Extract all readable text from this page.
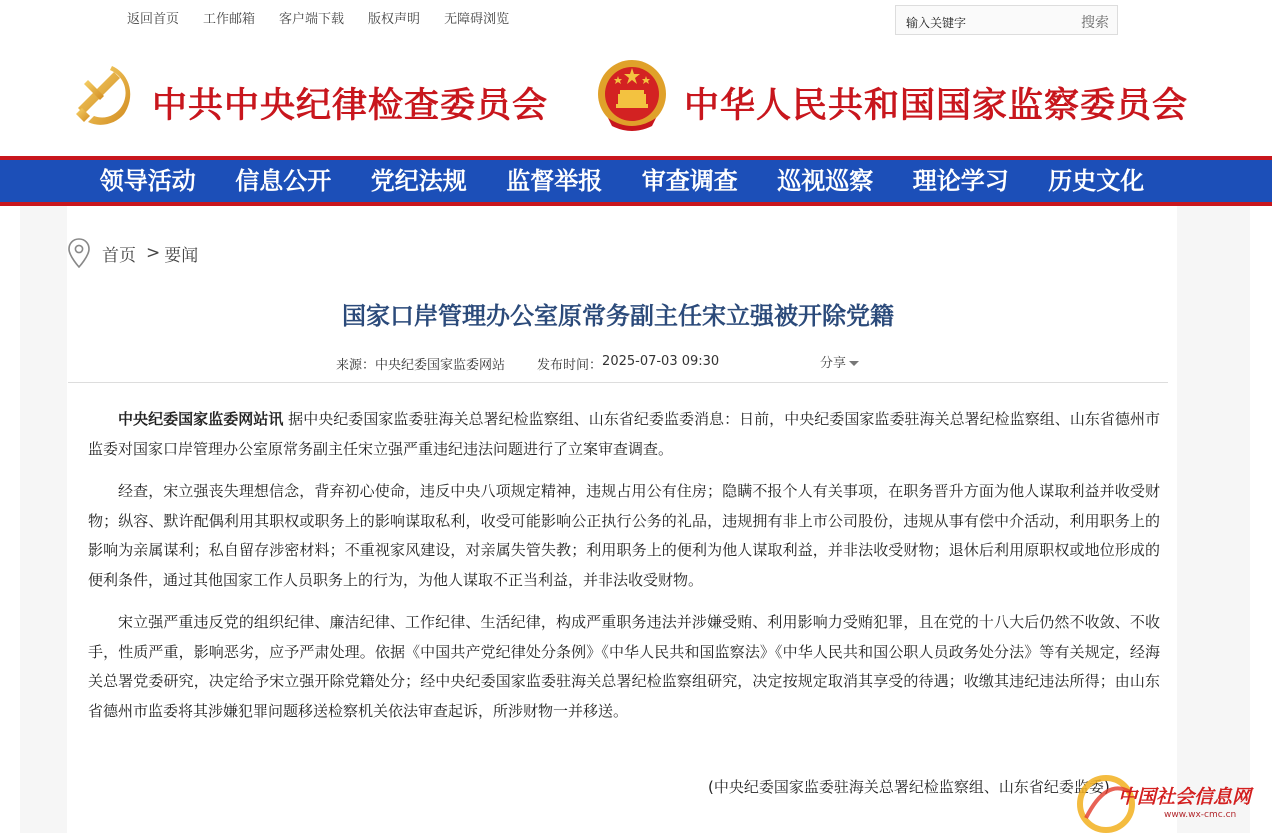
返回首页 工作邮箱 客户端下载 版权声明 无障碍浏览	输入关键字	搜索
中共中央纪律检查委员会	中华人民共和国国家监察委员会
领导活动	信息公开	党纪法规	监督举报	审查调查	巡视巡察	理论学习	历史文化
首页 > 要闻
国家口岸管理办公室原常务副主任宋立强被开除党籍
来源： 中央纪委国家监委网站 发布时间： 2025-07-03 09:30	分享

中央纪委国家监委网站讯 据中央纪委国家监委驻海关总署纪检监察组、山东省纪委监委消息：日前，中央纪委国家监委驻海关总署纪检监察组、山东省德州市监委对国家口岸管理办公室原常务副主任宋立强严重违纪违法问题进行了立案审查调查。

经查，宋立强丧失理想信念，背弃初心使命，违反中央八项规定精神，违规占用公有住房；隐瞒不报个人有关事项，在职务晋升方面为他人谋取利益并收受财物；纵容、默许配偶利用其职权或职务上的影响谋取私利，收受可能影响公正执行公务的礼品，违规拥有非上市公司股份，违规从事有偿中介活动，利用职务上的影响为亲属谋利；私自留存涉密材料；不重视家风建设，对亲属失管失教；利用职务上的便利为他人谋取利益，并非法收受财物；退休后利用原职权或地位形成的便利条件，通过其他国家工作人员职务上的行为，为他人谋取不正当利益，并非法收受财物。

宋立强严重违反党的组织纪律、廉洁纪律、工作纪律、生活纪律，构成严重职务违法并涉嫌受贿、利用影响力受贿犯罪，且在党的十八大后仍然不收敛、不收手，性质严重，影响恶劣，应予严肃处理。依据《中国共产党纪律处分条例》《中华人民共和国监察法》《中华人民共和国公职人员政务处分法》等有关规定，经海关总署党委研究，决定给予宋立强开除党籍处分；经中央纪委国家监委驻海关总署纪检监察组研究，决定按规定取消其享受的待遇；收缴其违纪违法所得；由山东省德州市监委将其涉嫌犯罪问题移送检察机关依法审查起诉，所涉财物一并移送。

(中央纪委国家监委驻海关总署纪检监察组、山东省纪委监委) 中国社会信息网
www.wx-cmc.cn
